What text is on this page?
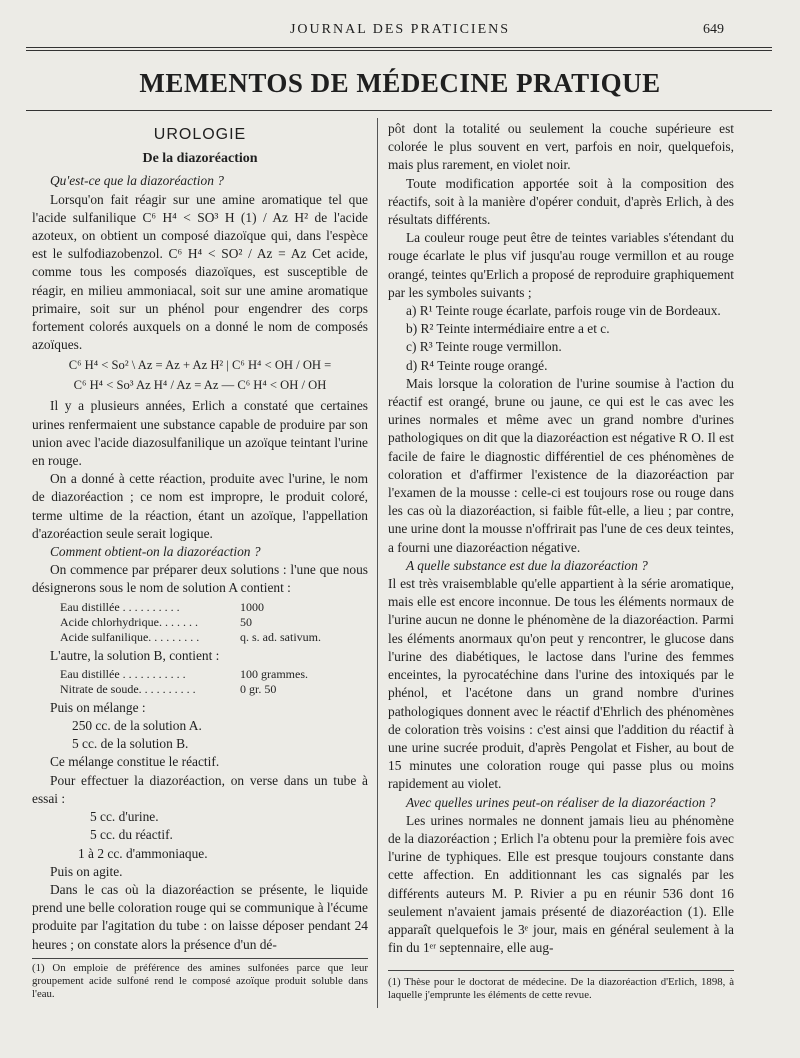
JOURNAL DES PRATICIENS	649
MEMENTOS DE MÉDECINE PRATIQUE
UROLOGIE
De la diazoréaction

Qu'est-ce que la diazoréaction ?

Lorsqu'on fait réagir sur une amine aromatique tel que l'acide sulfanilique C⁶ H⁴ < SO³ H (1) / Az H² de l'acide azoteux, on obtient un composé diazoïque qui, dans l'espèce est le sulfodiazobenzol. C⁶ H⁴ < SO² / Az = Az Cet acide, comme tous les composés diazoïques, est susceptible de réagir, en milieu ammoniacal, soit sur une amine aromatique primaire, soit sur un phénol pour engendrer des corps fortement colorés auxquels on a donné le nom de composés azoïques.

C⁶ H⁴ < So² \ Az = Az + Az H² | C⁶ H⁴ < OH / OH =
C⁶ H⁴ < So³ Az H⁴ / Az = Az — C⁶ H⁴ < OH / OH

Il y a plusieurs années, Erlich a constaté que certaines urines renfermaient une substance capable de produire par son union avec l'acide diazosulfanilique un azoïque teintant l'urine en rouge.

On a donné à cette réaction, produite avec l'urine, le nom de diazoréaction ; ce nom est impropre, le produit coloré, terme ultime de la réaction, étant un azoïque, l'appellation d'azoréaction seule serait logique.

Comment obtient-on la diazoréaction ?

On commence par préparer deux solutions : l'une que nous désignerons sous le nom de solution A contient :

Eau distillée . . . . . . . . . .	1000
Acide chlorhydrique. . . . . . .	50
Acide sulfanilique. . . . . . . . .	q. s. ad. sativum.

L'autre, la solution B, contient :

Eau distillée . . . . . . . . . . .	100 grammes.
Nitrate de soude. . . . . . . . . .	0 gr. 50

Puis on mélange :

250 cc. de la solution A.

5 cc. de la solution B.

Ce mélange constitue le réactif.

Pour effectuer la diazoréaction, on verse dans un tube à essai :

5 cc. d'urine.

5 cc. du réactif.

1 à 2 cc. d'ammoniaque.

Puis on agite.

Dans le cas où la diazoréaction se présente, le liquide prend une belle coloration rouge qui se communique à l'écume produite par l'agitation du tube : on laisse déposer pendant 24 heures ; on constate alors la présence d'un dé-

(1) On emploie de préférence des amines sulfonées parce que leur groupement acide sulfoné rend le composé azoïque produit soluble dans l'eau.

pôt dont la totalité ou seulement la couche supérieure est colorée le plus souvent en vert, parfois en noir, quelquefois, mais plus rarement, en violet noir.

Toute modification apportée soit à la composition des réactifs, soit à la manière d'opérer conduit, d'après Erlich, à des résultats différents.

La couleur rouge peut être de teintes variables s'étendant du rouge écarlate le plus vif jusqu'au rouge vermillon et au rouge orangé, teintes qu'Erlich a proposé de reproduire graphiquement par les symboles suivants ;

a) R¹ Teinte rouge écarlate, parfois rouge vin de Bordeaux.

b) R² Teinte intermédiaire entre a et c.

c) R³ Teinte rouge vermillon.

d) R⁴ Teinte rouge orangé.

Mais lorsque la coloration de l'urine soumise à l'action du réactif est orangé, brune ou jaune, ce qui est le cas avec les urines normales et même avec un grand nombre d'urines pathologiques on dit que la diazoréaction est négative R O. Il est facile de faire le diagnostic différentiel de ces phénomènes de coloration et d'affirmer l'existence de la diazoréaction par l'examen de la mousse : celle-ci est toujours rose ou rouge dans les cas où la diazoréaction, si faible fût-elle, a lieu ; par contre, une urine dont la mousse n'offrirait pas l'une de ces deux teintes, a fourni une diazoréaction négative.

A quelle substance est due la diazoréaction ?

Il est très vraisemblable qu'elle appartient à la série aromatique, mais elle est encore inconnue. De tous les éléments normaux de l'urine aucun ne donne le phénomène de la diazoréaction. Parmi les éléments anormaux qu'on peut y rencontrer, le glucose dans l'urine des diabétiques, le lactose dans l'urine des femmes enceintes, la pyrocatéchine dans l'urine des intoxiqués par le phénol, et l'acétone dans un grand nombre d'urines pathologiques donnent avec le réactif d'Ehrlich des phénomènes de coloration très voisins : c'est ainsi que l'addition du réactif à une urine sucrée produit, d'après Pengolat et Fisher, au bout de 15 minutes une coloration rouge qui passe plus ou moins rapidement au violet.

Avec quelles urines peut-on réaliser de la diazoréaction ?

Les urines normales ne donnent jamais lieu au phénomène de la diazoréaction ; Erlich l'a obtenu pour la première fois avec l'urine de typhiques. Elle est presque toujours constante dans cette affection. En additionnant les cas signalés par les différents auteurs M. P. Rivier a pu en réunir 536 dont 16 seulement n'avaient jamais présenté de diazoréaction (1). Elle apparaît quelquefois le 3ᵉ jour, mais en général seulement à la fin du 1ᵉʳ septennaire, elle aug-

(1) Thèse pour le doctorat de médecine. De la diazoréaction d'Erlich, 1898, à laquelle j'emprunte les éléments de cette revue.
